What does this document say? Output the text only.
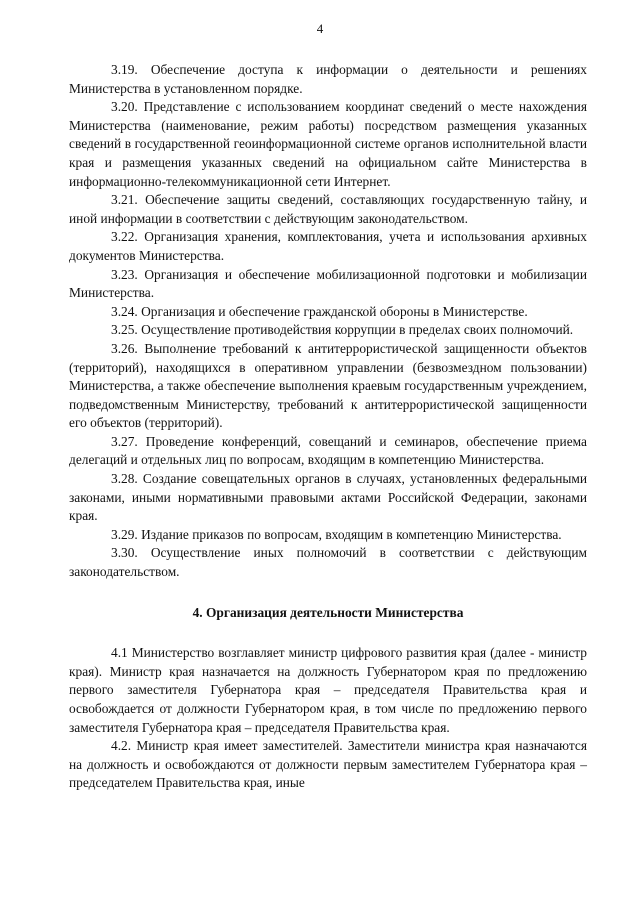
4

3.19. Обеспечение доступа к информации о деятельности и решениях Министерства в установленном порядке.

3.20. Представление с использованием координат сведений о месте нахождения Министерства (наименование, режим работы) посредством размещения указанных сведений в государственной геоинформационной системе органов исполнительной власти края и размещения указанных сведений на официальном сайте Министерства в информационно-телекоммуникационной сети Интернет.

3.21. Обеспечение защиты сведений, составляющих государственную тайну, и иной информации в соответствии с действующим законодательством.

3.22. Организация хранения, комплектования, учета и использования архивных документов Министерства.

3.23. Организация и обеспечение мобилизационной подготовки и мобилизации Министерства.

3.24. Организация и обеспечение гражданской обороны в Министерстве.

3.25. Осуществление противодействия коррупции в пределах своих полномочий.

3.26. Выполнение требований к антитеррористической защищенности объектов (территорий), находящихся в оперативном управлении (безвозмездном пользовании) Министерства, а также обеспечение выполнения краевым государственным учреждением, подведомственным Министерству, требований к антитеррористической защищенности его объектов (территорий).

3.27. Проведение конференций, совещаний и семинаров, обеспечение приема делегаций и отдельных лиц по вопросам, входящим в компетенцию Министерства.

3.28. Создание совещательных органов в случаях, установленных федеральными законами, иными нормативными правовыми актами Российской Федерации, законами края.

3.29. Издание приказов по вопросам, входящим в компетенцию Министерства.

3.30. Осуществление иных полномочий в соответствии с действующим законодательством.

4. Организация деятельности Министерства

4.1 Министерство возглавляет министр цифрового развития края (далее - министр края). Министр края назначается на должность Губернатором края по предложению первого заместителя Губернатора края – председателя Правительства края и освобождается от должности Губернатором края, в том числе по предложению первого заместителя Губернатора края – председателя Правительства края.

4.2. Министр края имеет заместителей. Заместители министра края назначаются на должность и освобождаются от должности первым заместителем Губернатора края – председателем Правительства края, иные
